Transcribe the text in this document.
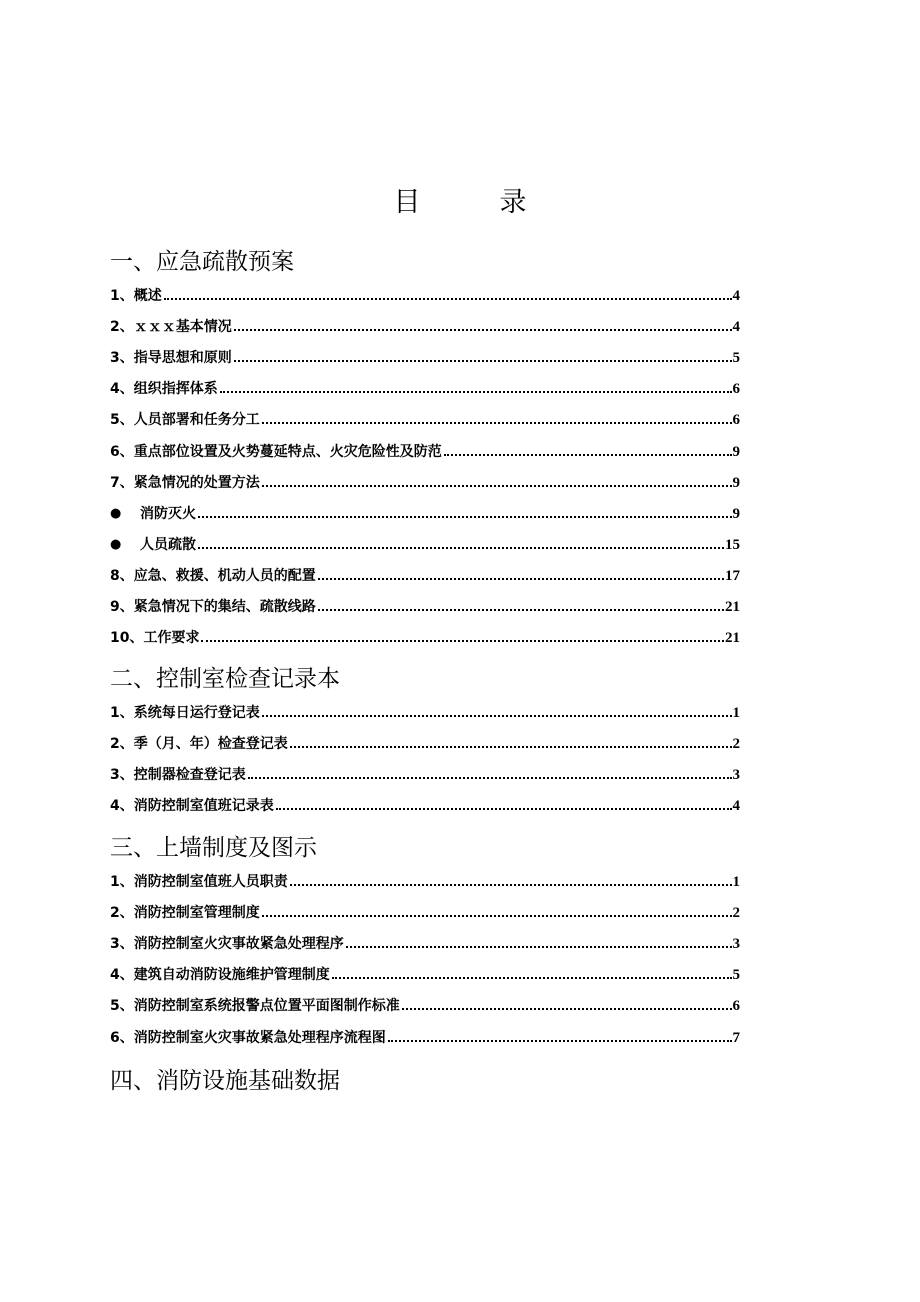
目　录
一、应急疏散预案
1、 概述	4
2、 ｘｘｘ基本情况	4
3、 指导思想和原则	5
4、 组织指挥体系	6
5、 人员部署和任务分工	6
6、 重点部位设置及火势蔓延特点、火灾危险性及防范	9
7、 紧急情况的处置方法	9
●	消防灭火	9
●	人员疏散	15
8、 应急、救援、机动人员的配置	17
9、 紧急情况下的集结、疏散线路	21
10、 工作要求	21
二、控制室检查记录本
1、 系统每日运行登记表	1
2、 季（月、年）检查登记表	2
3、 控制器检查登记表	3
4、 消防控制室值班记录表	4
三、上墙制度及图示
1、 消防控制室值班人员职责	1
2、 消防控制室管理制度	2
3、 消防控制室火灾事故紧急处理程序	3
4、 建筑自动消防设施维护管理制度	5
5、 消防控制室系统报警点位置平面图制作标准	6
6、 消防控制室火灾事故紧急处理程序流程图	7
四、消防设施基础数据
